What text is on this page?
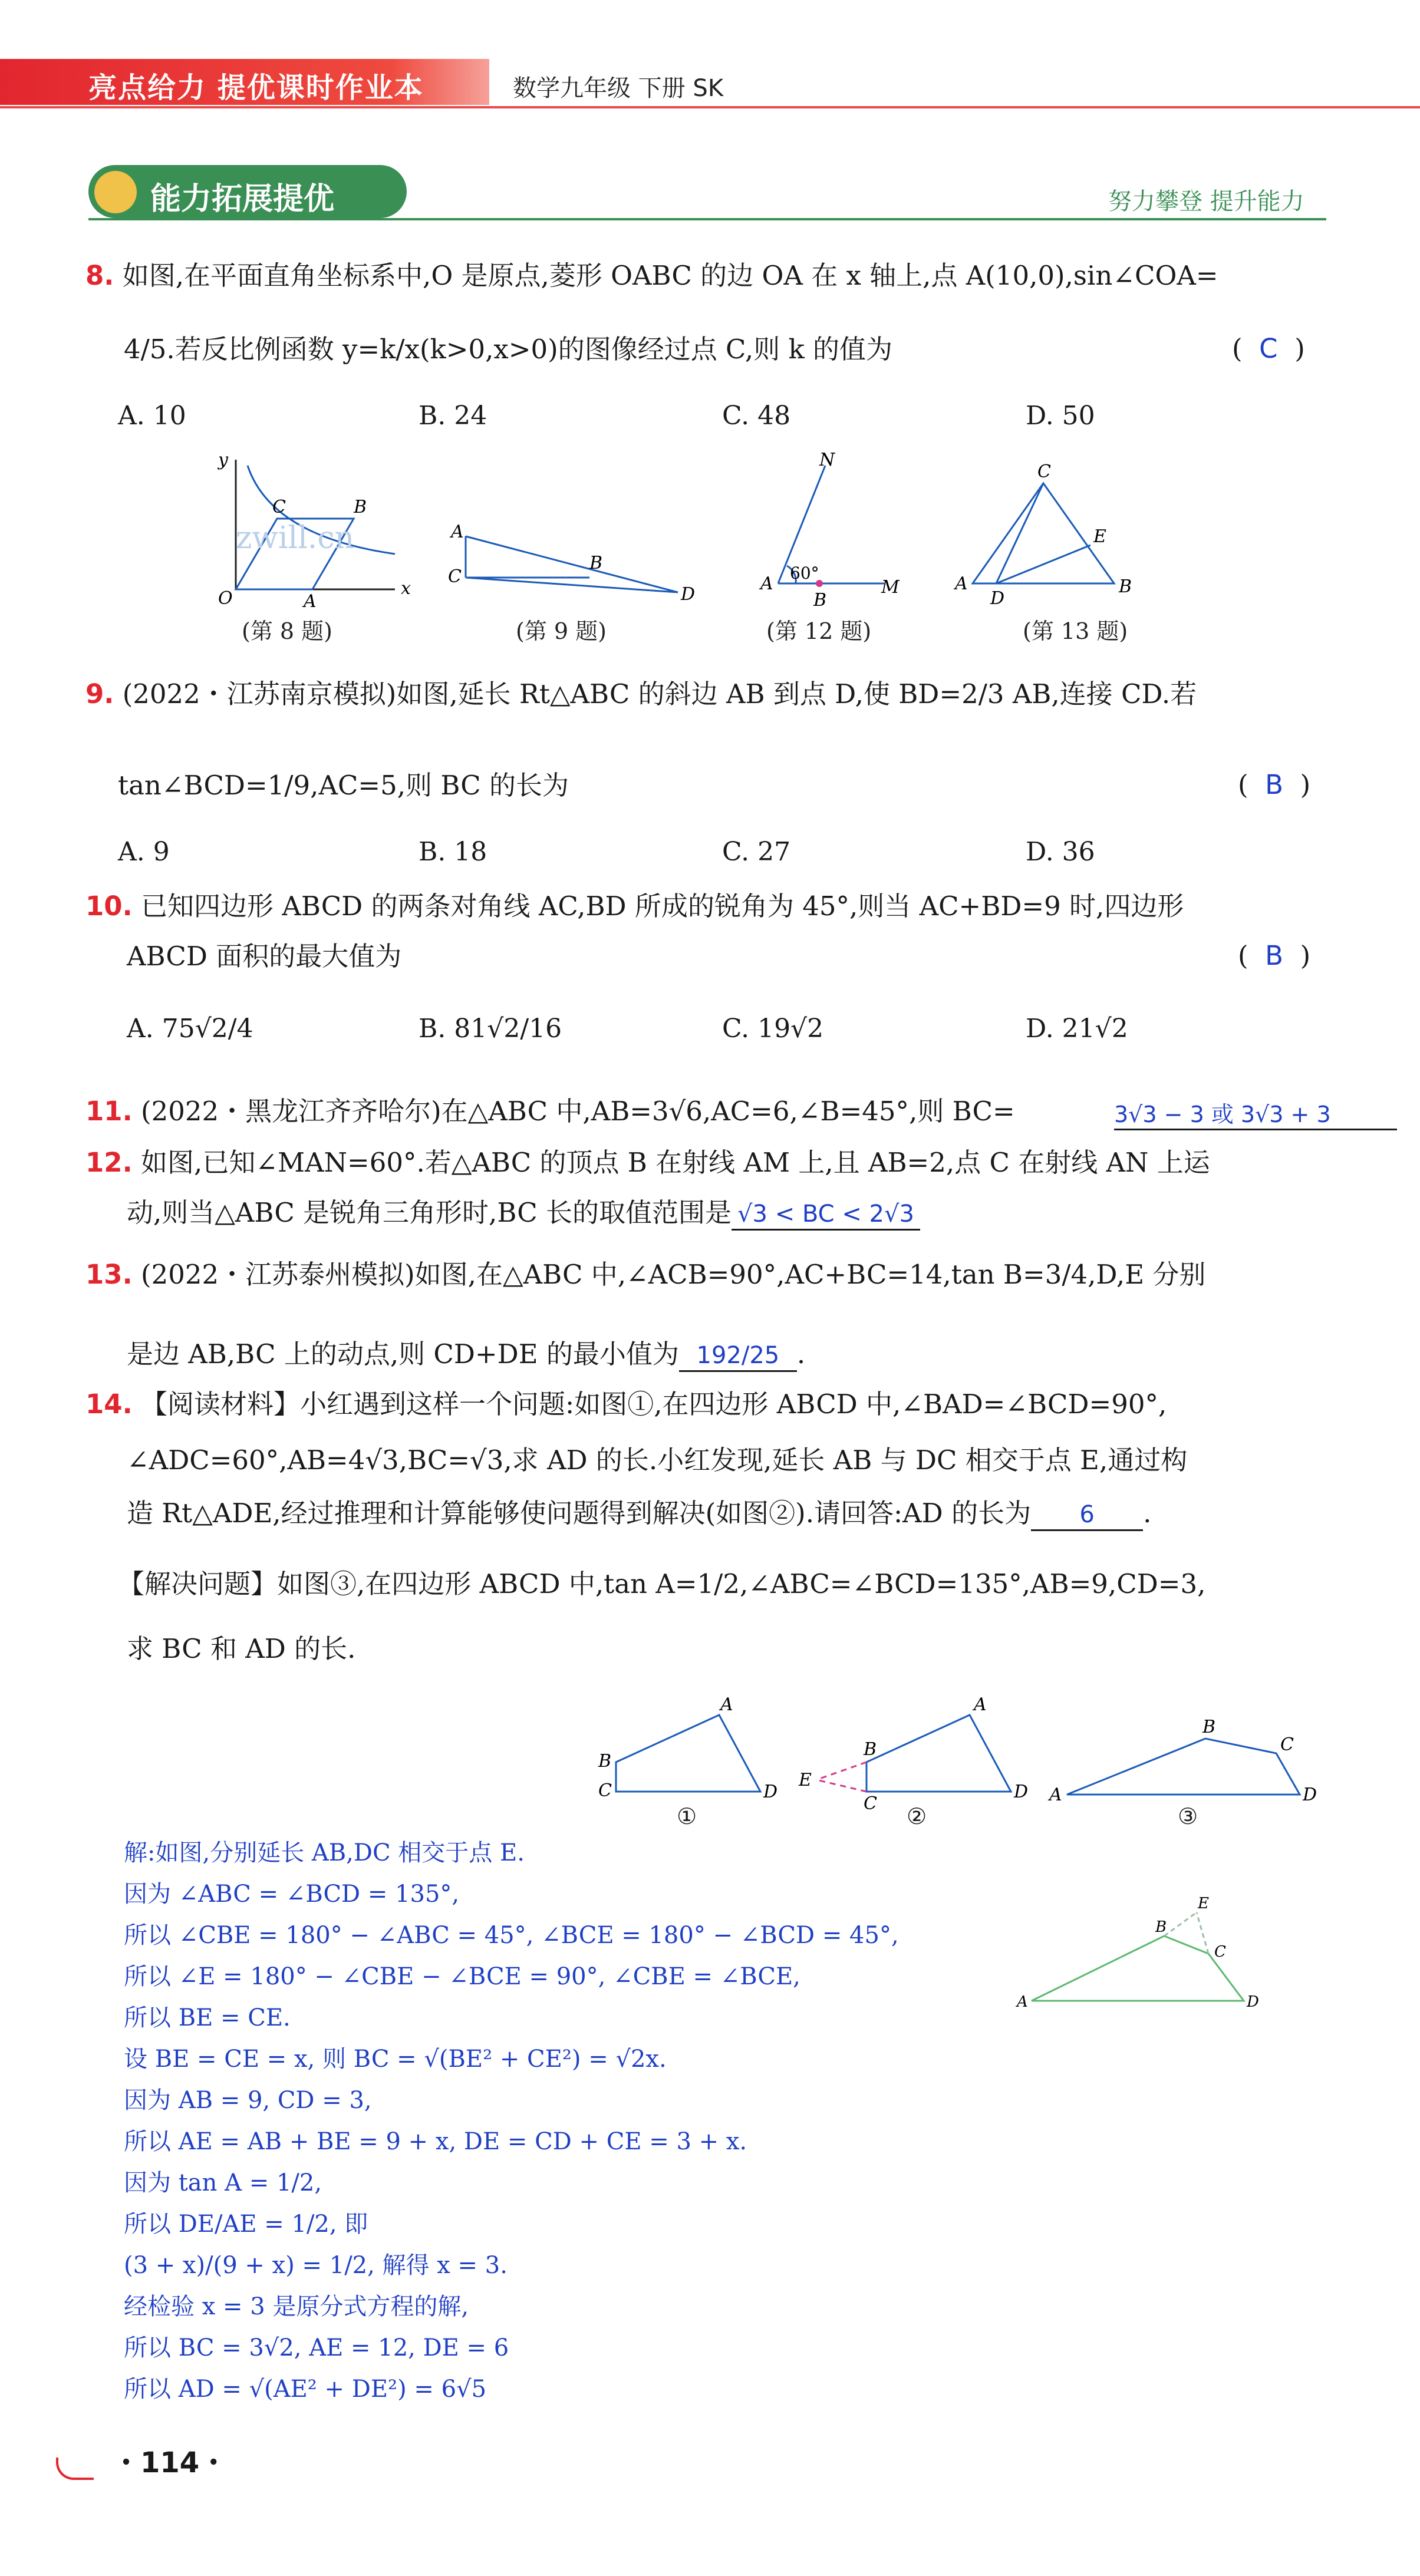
亮点给力 提优课时作业本	数学九年级 下册 SK
能力拓展提优	努力攀登 提升能力
8. 如图,在平面直角坐标系中,O 是原点,菱形 OABC 的边 OA 在 x 轴上,点 A(10,0),sin∠COA=
4/5.若反比例函数 y=k/x(k>0,x>0)的图像经过点 C,则 k 的值为	(  C  )
A. 10	B. 24	C. 48	D. 50
y
x
O
C	B
A
zwill.cn	A
C
B
D
60°
N
A
B
M
C
E
A
D
B
(第 8 题)	(第 9 题)	(第 12 题)	(第 13 题)
9. (2022・江苏南京模拟)如图,延长 Rt△ABC 的斜边 AB 到点 D,使 BD=2/3 AB,连接 CD.若
tan∠BCD=1/9,AC=5,则 BC 的长为	(  B  )
A. 9	B. 18	C. 27	D. 36
10. 已知四边形 ABCD 的两条对角线 AC,BD 所成的锐角为 45°,则当 AC+BD=9 时,四边形
ABCD 面积的最大值为	(  B  )
A. 75√2/4	B. 81√2/16	C. 19√2	D. 21√2
11. (2022・黑龙江齐齐哈尔)在△ABC 中,AB=3√6,AC=6,∠B=45°,则 BC=	3√3 − 3 或 3√3 + 3
12. 如图,已知∠MAN=60°.若△ABC 的顶点 B 在射线 AM 上,且 AB=2,点 C 在射线 AN 上运
动,则当△ABC 是锐角三角形时,BC 长的取值范围是 √3 < BC < 2√3
13. (2022・江苏泰州模拟)如图,在△ABC 中,∠ACB=90°,AC+BC=14,tan B=3/4,D,E 分别
是边 AB,BC 上的动点,则 CD+DE 的最小值为 192/25 .
14. 【阅读材料】小红遇到这样一个问题:如图①,在四边形 ABCD 中,∠BAD=∠BCD=90°,
∠ADC=60°,AB=4√3,BC=√3,求 AD 的长.小红发现,延长 AB 与 DC 相交于点 E,通过构
造 Rt△ADE,经过推理和计算能够使问题得到解决(如图②).请回答:AD 的长为 6 .
【解决问题】如图③,在四边形 ABCD 中,tan A=1/2,∠ABC=∠BCD=135°,AB=9,CD=3,
求 BC 和 AD 的长.
B
C
A
D
B
C
A
D
E
A
B
C
D
①	②	③
解:如图,分别延长 AB,DC 相交于点 E.
因为 ∠ABC = ∠BCD = 135°,
所以 ∠CBE = 180° − ∠ABC = 45°, ∠BCE = 180° − ∠BCD = 45°,
所以 ∠E = 180° − ∠CBE − ∠BCE = 90°, ∠CBE = ∠BCE,
所以 BE = CE.
设 BE = CE = x, 则 BC = √(BE² + CE²) = √2x.
因为 AB = 9, CD = 3,
所以 AE = AB + BE = 9 + x, DE = CD + CE = 3 + x.
因为 tan A = 1/2,
所以 DE/AE = 1/2, 即
(3 + x)/(9 + x) = 1/2, 解得 x = 3.
经检验 x = 3 是原分式方程的解,
所以 BC = 3√2, AE = 12, DE = 6
所以 AD = √(AE² + DE²) = 6√5
A
B
C
D
E
・114・
